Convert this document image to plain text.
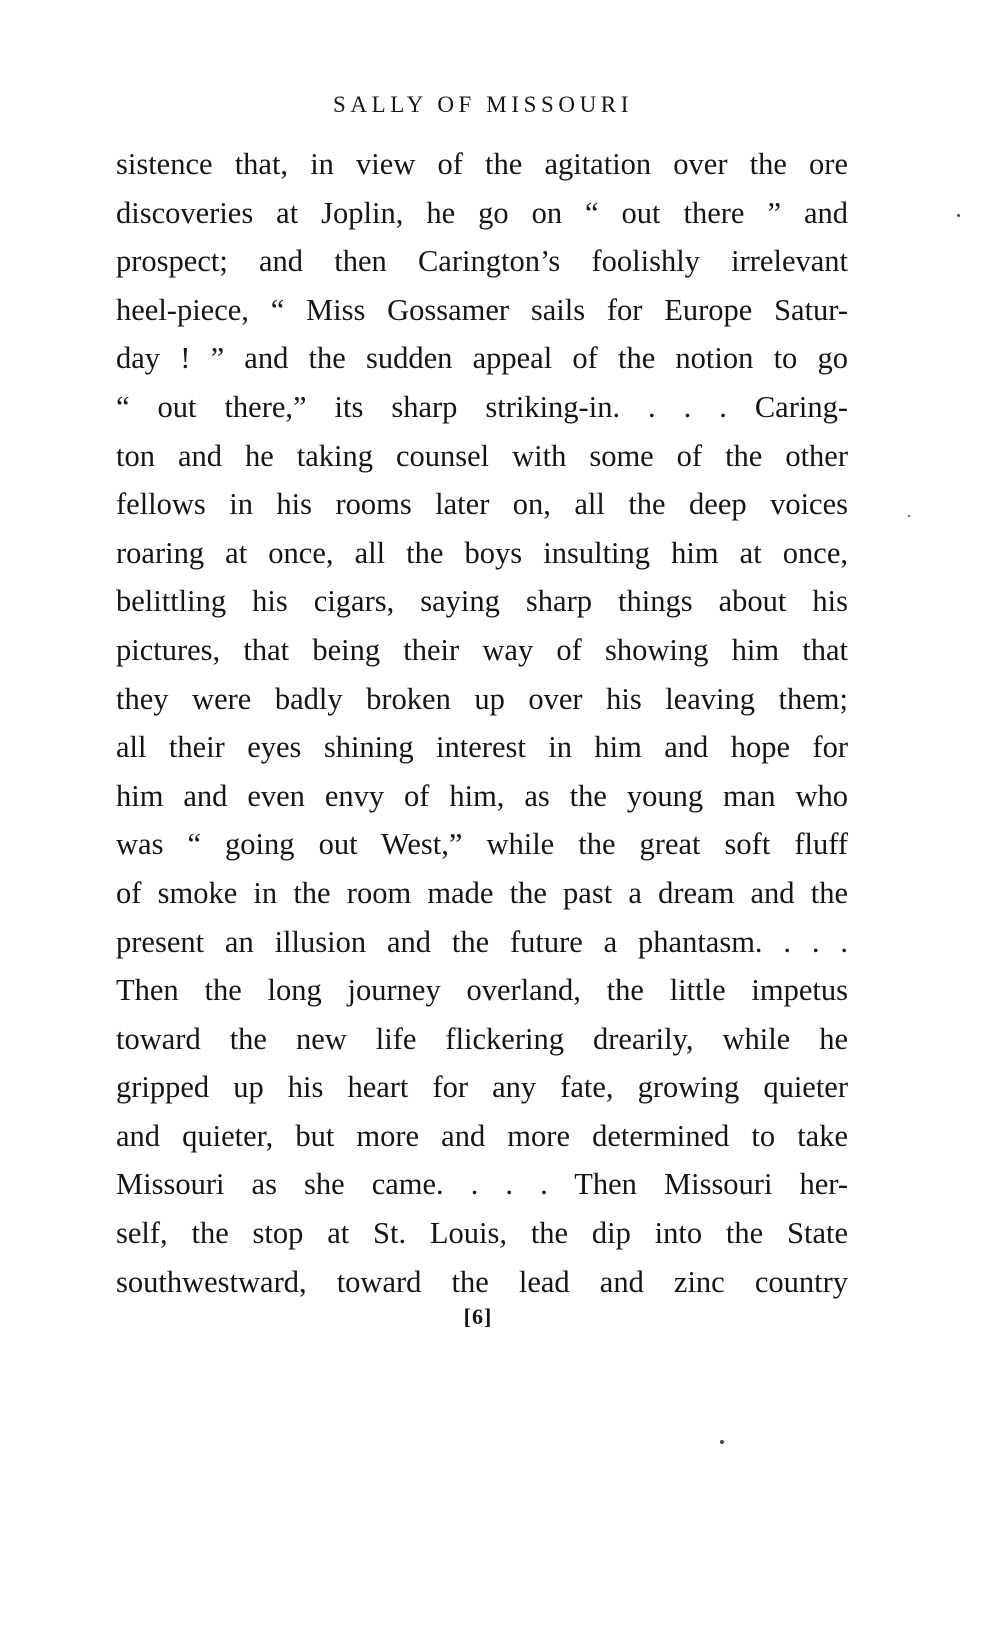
SALLY OF MISSOURI
sistence that, in view of the agitation over the ore
discoveries at Joplin, he go on “ out there ” and
prospect; and then Carington’s foolishly irrelevant
heel-piece, “ Miss Gossamer sails for Europe Satur-
day ! ” and the sudden appeal of the notion to go
“ out there,” its sharp striking-in. . . . Caring-
ton and he taking counsel with some of the other
fellows in his rooms later on, all the deep voices
roaring at once, all the boys insulting him at once,
belittling his cigars, saying sharp things about his
pictures, that being their way of showing him that
they were badly broken up over his leaving them;
all their eyes shining interest in him and hope for
him and even envy of him, as the young man who
was “ going out West,” while the great soft fluff
of smoke in the room made the past a dream and the
present an illusion and the future a phantasm. . . .
Then the long journey overland, the little impetus
toward the new life flickering drearily, while he
gripped up his heart for any fate, growing quieter
and quieter, but more and more determined to take
Missouri as she came. . . . Then Missouri her-
self, the stop at St. Louis, the dip into the State
southwestward, toward the lead and zinc country
[6]
